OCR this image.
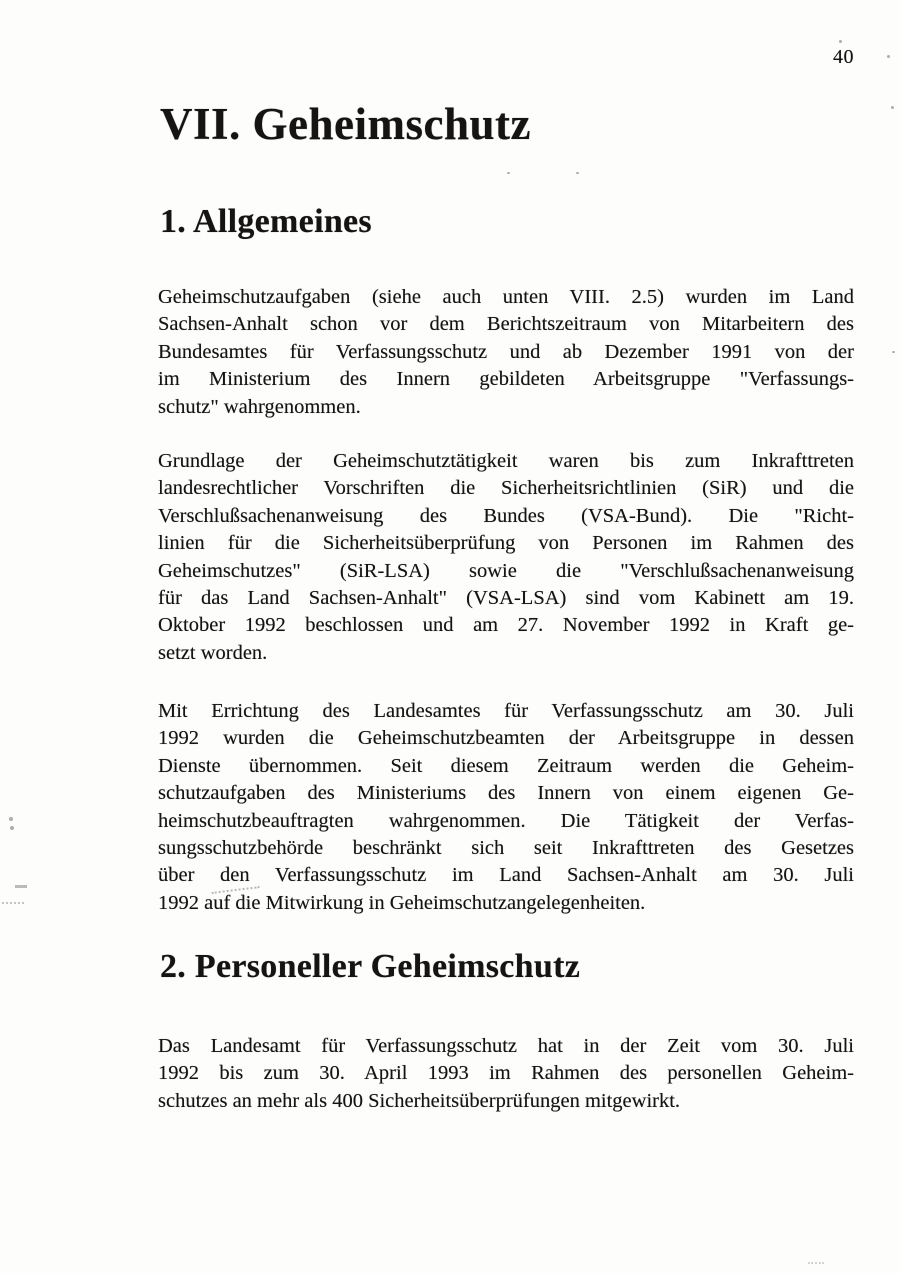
40
VII. Geheimschutz
1. Allgemeines
Geheimschutzaufgaben (siehe auch unten VIII. 2.5) wurden im Land
Sachsen-Anhalt schon vor dem Berichtszeitraum von Mitarbeitern des
Bundesamtes für Verfassungsschutz und ab Dezember 1991 von der
im Ministerium des Innern gebildeten Arbeitsgruppe "Verfassungs-
schutz" wahrgenommen.
Grundlage der Geheimschutztätigkeit waren bis zum Inkrafttreten
landesrechtlicher Vorschriften die Sicherheitsrichtlinien (SiR) und die
Verschlußsachenanweisung des Bundes (VSA-Bund). Die "Richt-
linien für die Sicherheitsüberprüfung von Personen im Rahmen des
Geheimschutzes" (SiR-LSA) sowie die "Verschlußsachenanweisung
für das Land Sachsen-Anhalt" (VSA-LSA) sind vom Kabinett am 19.
Oktober 1992 beschlossen und am 27. November 1992 in Kraft ge-
setzt worden.
Mit Errichtung des Landesamtes für Verfassungsschutz am 30. Juli
1992 wurden die Geheimschutzbeamten der Arbeitsgruppe in dessen
Dienste übernommen. Seit diesem Zeitraum werden die Geheim-
schutzaufgaben des Ministeriums des Innern von einem eigenen Ge-
heimschutzbeauftragten wahrgenommen. Die Tätigkeit der Verfas-
sungsschutzbehörde beschränkt sich seit Inkrafttreten des Gesetzes
über den Verfassungsschutz im Land Sachsen-Anhalt am 30. Juli
1992 auf die Mitwirkung in Geheimschutzangelegenheiten.
2. Personeller Geheimschutz
Das Landesamt für Verfassungsschutz hat in der Zeit vom 30. Juli
1992 bis zum 30. April 1993 im Rahmen des personellen Geheim-
schutzes an mehr als 400 Sicherheitsüberprüfungen mitgewirkt.
